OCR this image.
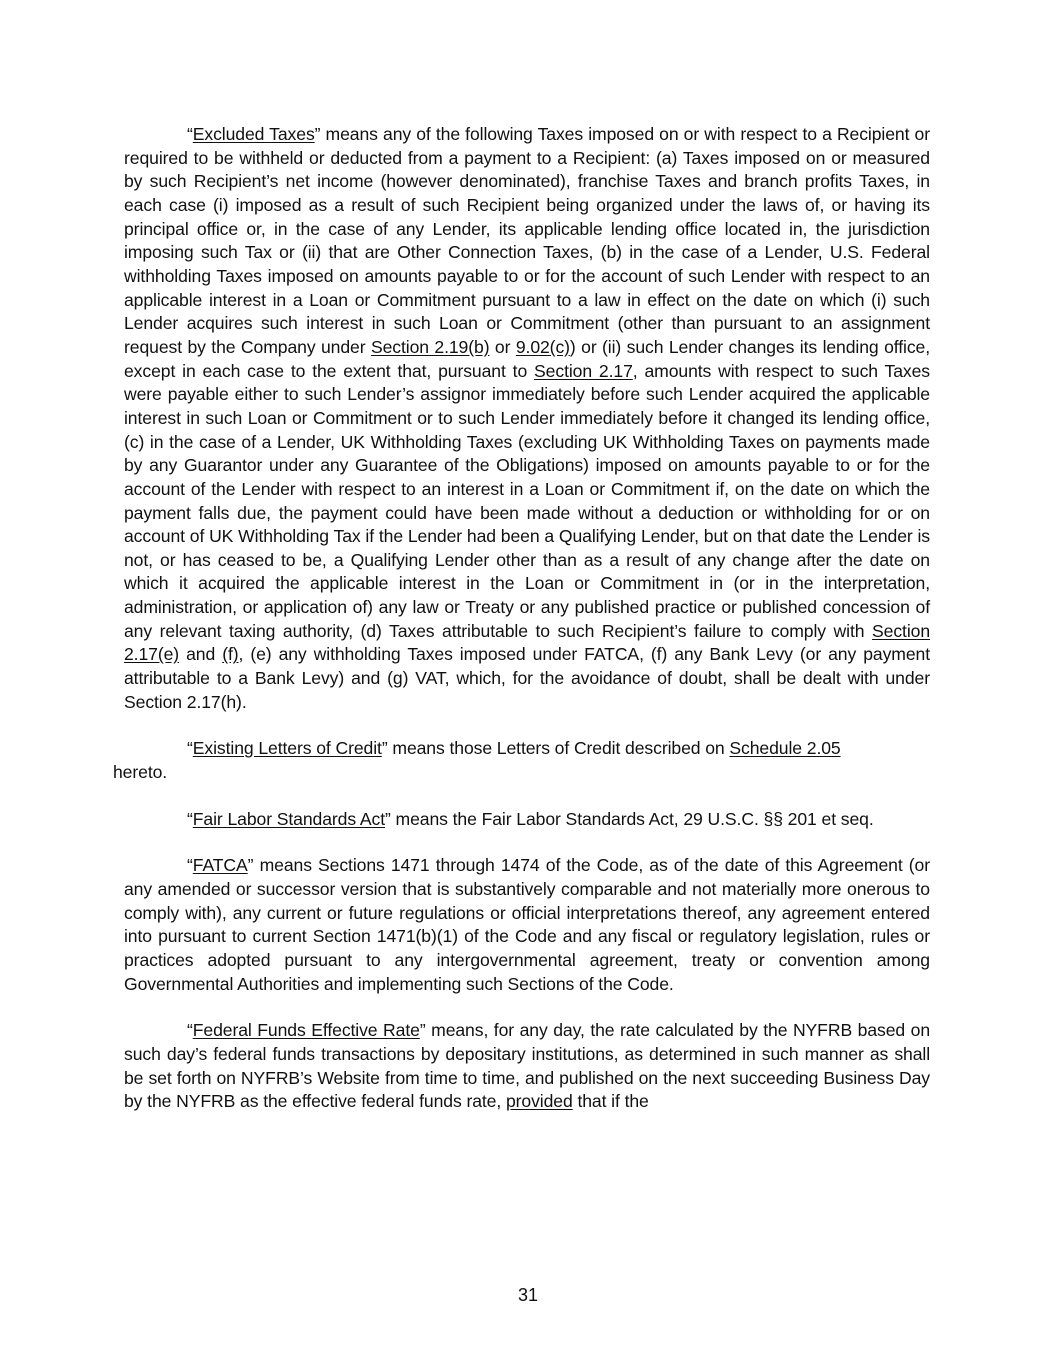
“Excluded Taxes” means any of the following Taxes imposed on or with respect to a Recipient or required to be withheld or deducted from a payment to a Recipient: (a) Taxes imposed on or measured by such Recipient’s net income (however denominated), franchise Taxes and branch profits Taxes, in each case (i) imposed as a result of such Recipient being organized under the laws of, or having its principal office or, in the case of any Lender, its applicable lending office located in, the jurisdiction imposing such Tax or (ii) that are Other Connection Taxes, (b) in the case of a Lender, U.S. Federal withholding Taxes imposed on amounts payable to or for the account of such Lender with respect to an applicable interest in a Loan or Commitment pursuant to a law in effect on the date on which (i) such Lender acquires such interest in such Loan or Commitment (other than pursuant to an assignment request by the Company under Section 2.19(b) or 9.02(c)) or (ii) such Lender changes its lending office, except in each case to the extent that, pursuant to Section 2.17, amounts with respect to such Taxes were payable either to such Lender’s assignor immediately before such Lender acquired the applicable interest in such Loan or Commitment or to such Lender immediately before it changed its lending office, (c) in the case of a Lender, UK Withholding Taxes (excluding UK Withholding Taxes on payments made by any Guarantor under any Guarantee of the Obligations) imposed on amounts payable to or for the account of the Lender with respect to an interest in a Loan or Commitment if, on the date on which the payment falls due, the payment could have been made without a deduction or withholding for or on account of UK Withholding Tax if the Lender had been a Qualifying Lender, but on that date the Lender is not, or has ceased to be, a Qualifying Lender other than as a result of any change after the date on which it acquired the applicable interest in the Loan or Commitment in (or in the interpretation, administration, or application of) any law or Treaty or any published practice or published concession of any relevant taxing authority, (d) Taxes attributable to such Recipient’s failure to comply with Section 2.17(e) and (f), (e) any withholding Taxes imposed under FATCA, (f) any Bank Levy (or any payment attributable to a Bank Levy) and (g) VAT, which, for the avoidance of doubt, shall be dealt with under Section 2.17(h).

“Existing Letters of Credit” means those Letters of Credit described on Schedule 2.05

hereto.

“Fair Labor Standards Act” means the Fair Labor Standards Act, 29 U.S.C. §§ 201 et seq.

“FATCA” means Sections 1471 through 1474 of the Code, as of the date of this Agreement (or any amended or successor version that is substantively comparable and not materially more onerous to comply with), any current or future regulations or official interpretations thereof, any agreement entered into pursuant to current Section 1471(b)(1) of the Code and any fiscal or regulatory legislation, rules or practices adopted pursuant to any intergovernmental agreement, treaty or convention among Governmental Authorities and implementing such Sections of the Code.

“Federal Funds Effective Rate” means, for any day, the rate calculated by the NYFRB based on such day’s federal funds transactions by depositary institutions, as determined in such manner as shall be set forth on NYFRB’s Website from time to time, and published on the next succeeding Business Day by the NYFRB as the effective federal funds rate, provided that if the

31
